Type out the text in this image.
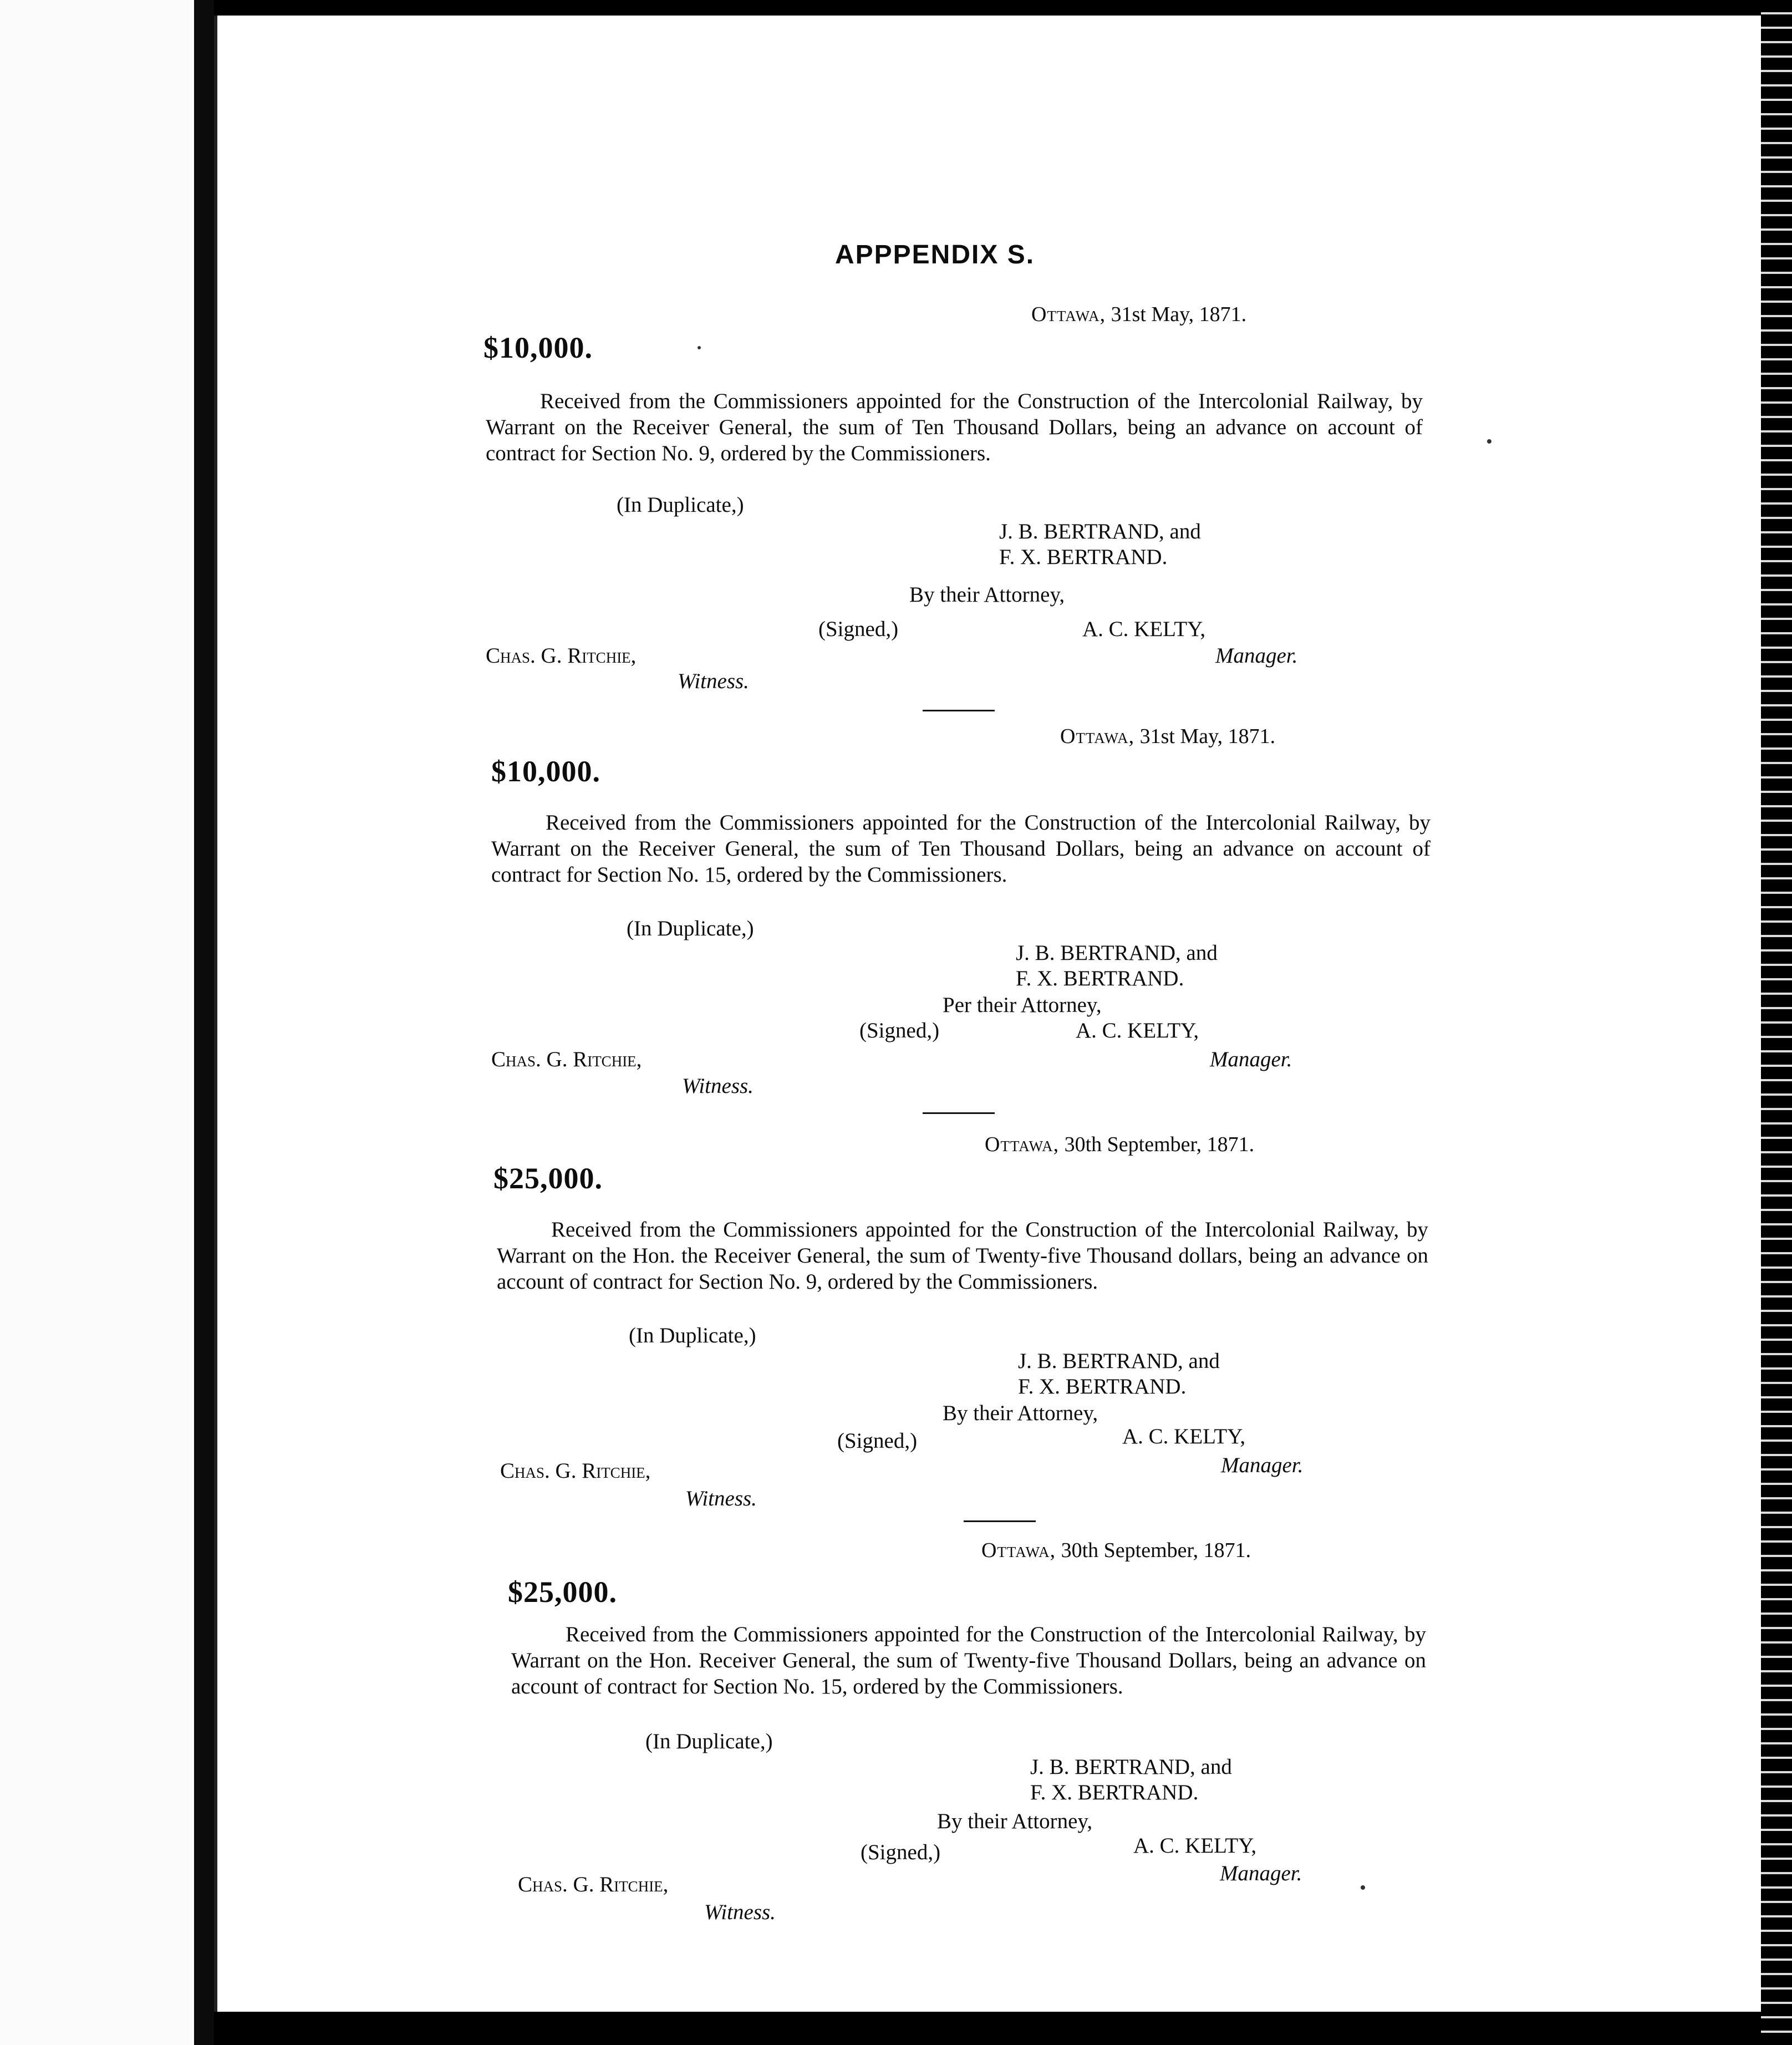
APPPENDIX S.
Ottawa, 31st May, 1871.
$10,000.
Received from the Commissioners appointed for the Construction of the Intercolonial Railway, by Warrant on the Receiver General, the sum of Ten Thousand Dollars, being an advance on account of contract for Section No. 9, ordered by the Commissioners.
(In Duplicate,)
J. B. BERTRAND, and
F. X. BERTRAND.
By their Attorney,
(Signed,)	A. C. KELTY,
Manager.
Chas. G. Ritchie,
Witness.
Ottawa, 31st May, 1871.
$10,000.
Received from the Commissioners appointed for the Construction of the Intercolonial Railway, by Warrant on the Receiver General, the sum of Ten Thousand Dollars, being an advance on account of contract for Section No. 15, ordered by the Commissioners.
(In Duplicate,)
J. B. BERTRAND, and
F. X. BERTRAND.
Per their Attorney,
(Signed,)	A. C. KELTY,
Manager.
Chas. G. Ritchie,
Witness.
Ottawa, 30th September, 1871.
$25,000.
Received from the Commissioners appointed for the Construction of the Intercolonial Railway, by Warrant on the Hon. the Receiver General, the sum of Twenty-five Thousand dollars, being an advance on account of contract for Section No. 9, ordered by the Commissioners.
(In Duplicate,)
J. B. BERTRAND, and
F. X. BERTRAND.
By their Attorney,
(Signed,)	A. C. KELTY,
Manager.
Chas. G. Ritchie,
Witness.
Ottawa, 30th September, 1871.
$25,000.
Received from the Commissioners appointed for the Construction of the Intercolonial Railway, by Warrant on the Hon. Receiver General, the sum of Twenty-five Thousand Dollars, being an advance on account of contract for Section No. 15, ordered by the Commissioners.
(In Duplicate,)
J. B. BERTRAND, and
F. X. BERTRAND.
By their Attorney,
(Signed,)	A. C. KELTY,
Manager.
Chas. G. Ritchie,
Witness.
